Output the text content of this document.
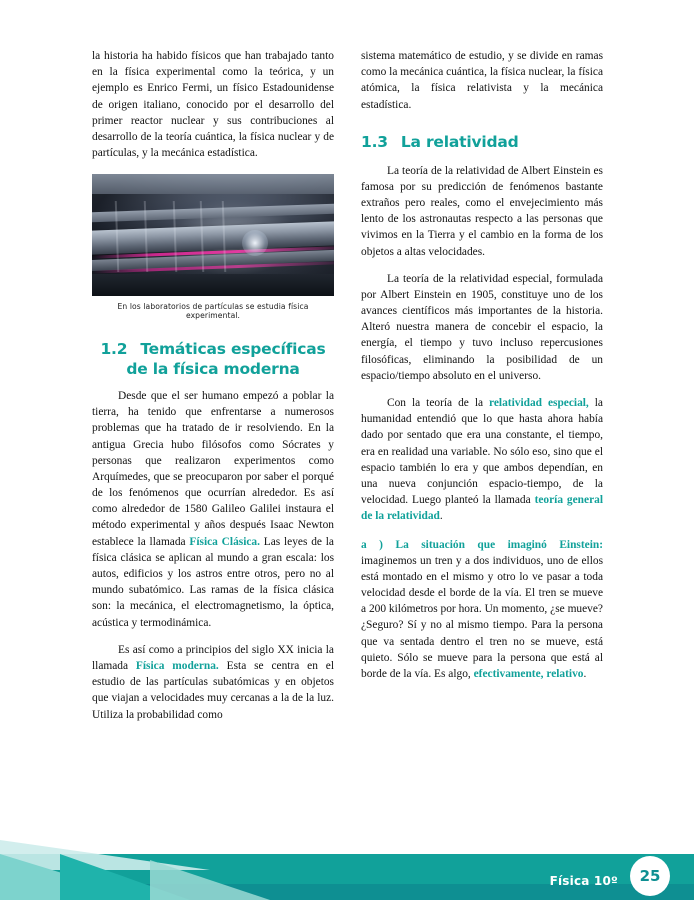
la historia ha habido físicos que han trabajado tanto en la física experimental como la teórica, y un ejemplo es Enrico Fermi, un físico Estadounidense de origen italiano, conocido por el desarrollo del primer reactor nuclear y sus contribuciones al desarrollo de la teoría cuántica, la física nuclear y de partículas, y la mecánica estadística.

En los laboratorios de partículas se estudia física experimental.
1.2 Temáticas específicas de la física moderna

Desde que el ser humano empezó a poblar la tierra, ha tenido que enfrentarse a numerosos problemas que ha tratado de ir resolviendo. En la antigua Grecia hubo filósofos como Sócrates y personas que realizaron experimentos como Arquímedes, que se preocuparon por saber el porqué de los fenómenos que ocurrían alrededor. Es así como alrededor de 1580 Galileo Galilei instaura el método experimental y años después Isaac Newton establece la llamada Física Clásica. Las leyes de la física clásica se aplican al mundo a gran escala: los autos, edificios y los astros entre otros, pero no al mundo subatómico. Las ramas de la física clásica son: la mecánica, el electromagnetismo, la óptica, acústica y termodinámica.

Es así como a principios del siglo XX inicia la llamada Física moderna. Esta se centra en el estudio de las partículas subatómicas y en objetos que viajan a velocidades muy cercanas a la de la luz. Utiliza la probabilidad como

sistema matemático de estudio, y se divide en ramas como la mecánica cuántica, la física nuclear, la física atómica, la física relativista y la mecánica estadística.

1.3 La relatividad

La teoría de la relatividad de Albert Einstein es famosa por su predicción de fenómenos bastante extraños pero reales, como el envejecimiento más lento de los astronautas respecto a las personas que vivimos en la Tierra y el cambio en la forma de los objetos a altas velocidades.

La teoría de la relatividad especial, formulada por Albert Einstein en 1905, constituye uno de los avances científicos más importantes de la historia. Alteró nuestra manera de concebir el espacio, la energía, el tiempo y tuvo incluso repercusiones filosóficas, eliminando la posibilidad de un espacio/tiempo absoluto en el universo.

Con la teoría de la relatividad especial, la humanidad entendió que lo que hasta ahora había dado por sentado que era una constante, el tiempo, era en realidad una variable. No sólo eso, sino que el espacio también lo era y que ambos dependían, en una nueva conjunción espacio-tiempo, de la velocidad. Luego planteó la llamada teoría general de la relatividad.

a ) La situación que imaginó Einstein: imaginemos un tren y a dos individuos, uno de ellos está montado en el mismo y otro lo ve pasar a toda velocidad desde el borde de la vía. El tren se mueve a 200 kilómetros por hora. Un momento, ¿se mueve? ¿Seguro? Sí y no al mismo tiempo. Para la persona que va sentada dentro el tren no se mueve, está quieto. Sólo se mueve para la persona que está al borde de la vía. Es algo, efectivamente, relativo.
Física 10º 25
